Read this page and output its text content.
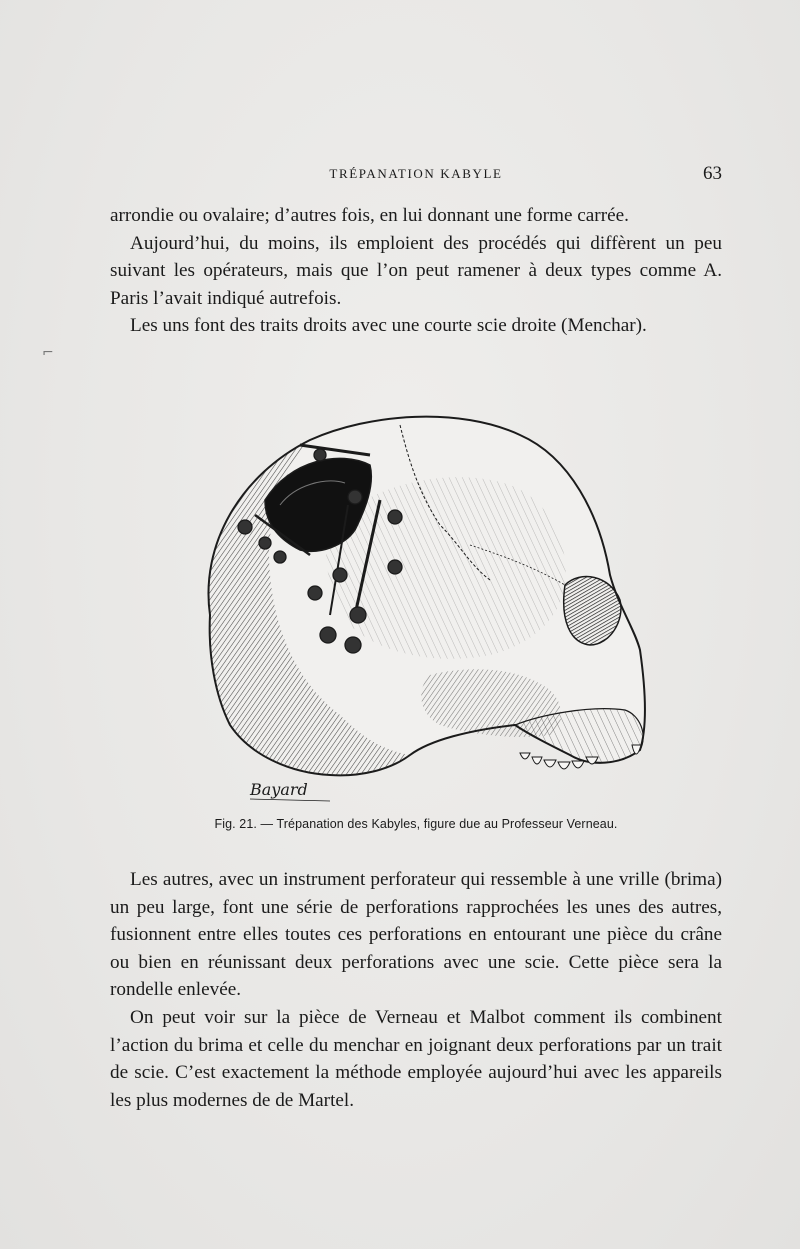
TRÉPANATION KABYLE	63

arrondie ou ovalaire; d’autres fois, en lui donnant une forme carrée.

Aujourd’hui, du moins, ils emploient des procédés qui diffèrent un peu suivant les opérateurs, mais que l’on peut ramener à deux types comme A. Paris l’avait indiqué autrefois.

Les uns font des traits droits avec une courte scie droite (Menchar).

Bayard
Fig. 21. — Trépanation des Kabyles, figure due au Professeur Verneau.

Les autres, avec un instrument perforateur qui ressemble à une vrille (brima) un peu large, font une série de perforations rapprochées les unes des autres, fusionnent entre elles toutes ces perforations en entourant une pièce du crâne ou bien en réunissant deux perforations avec une scie. Cette pièce sera la rondelle enlevée.

On peut voir sur la pièce de Verneau et Malbot comment ils combinent l’action du brima et celle du menchar en joignant deux perforations par un trait de scie. C’est exactement la méthode employée aujourd’hui avec les appareils les plus modernes de de Martel.

⌐
